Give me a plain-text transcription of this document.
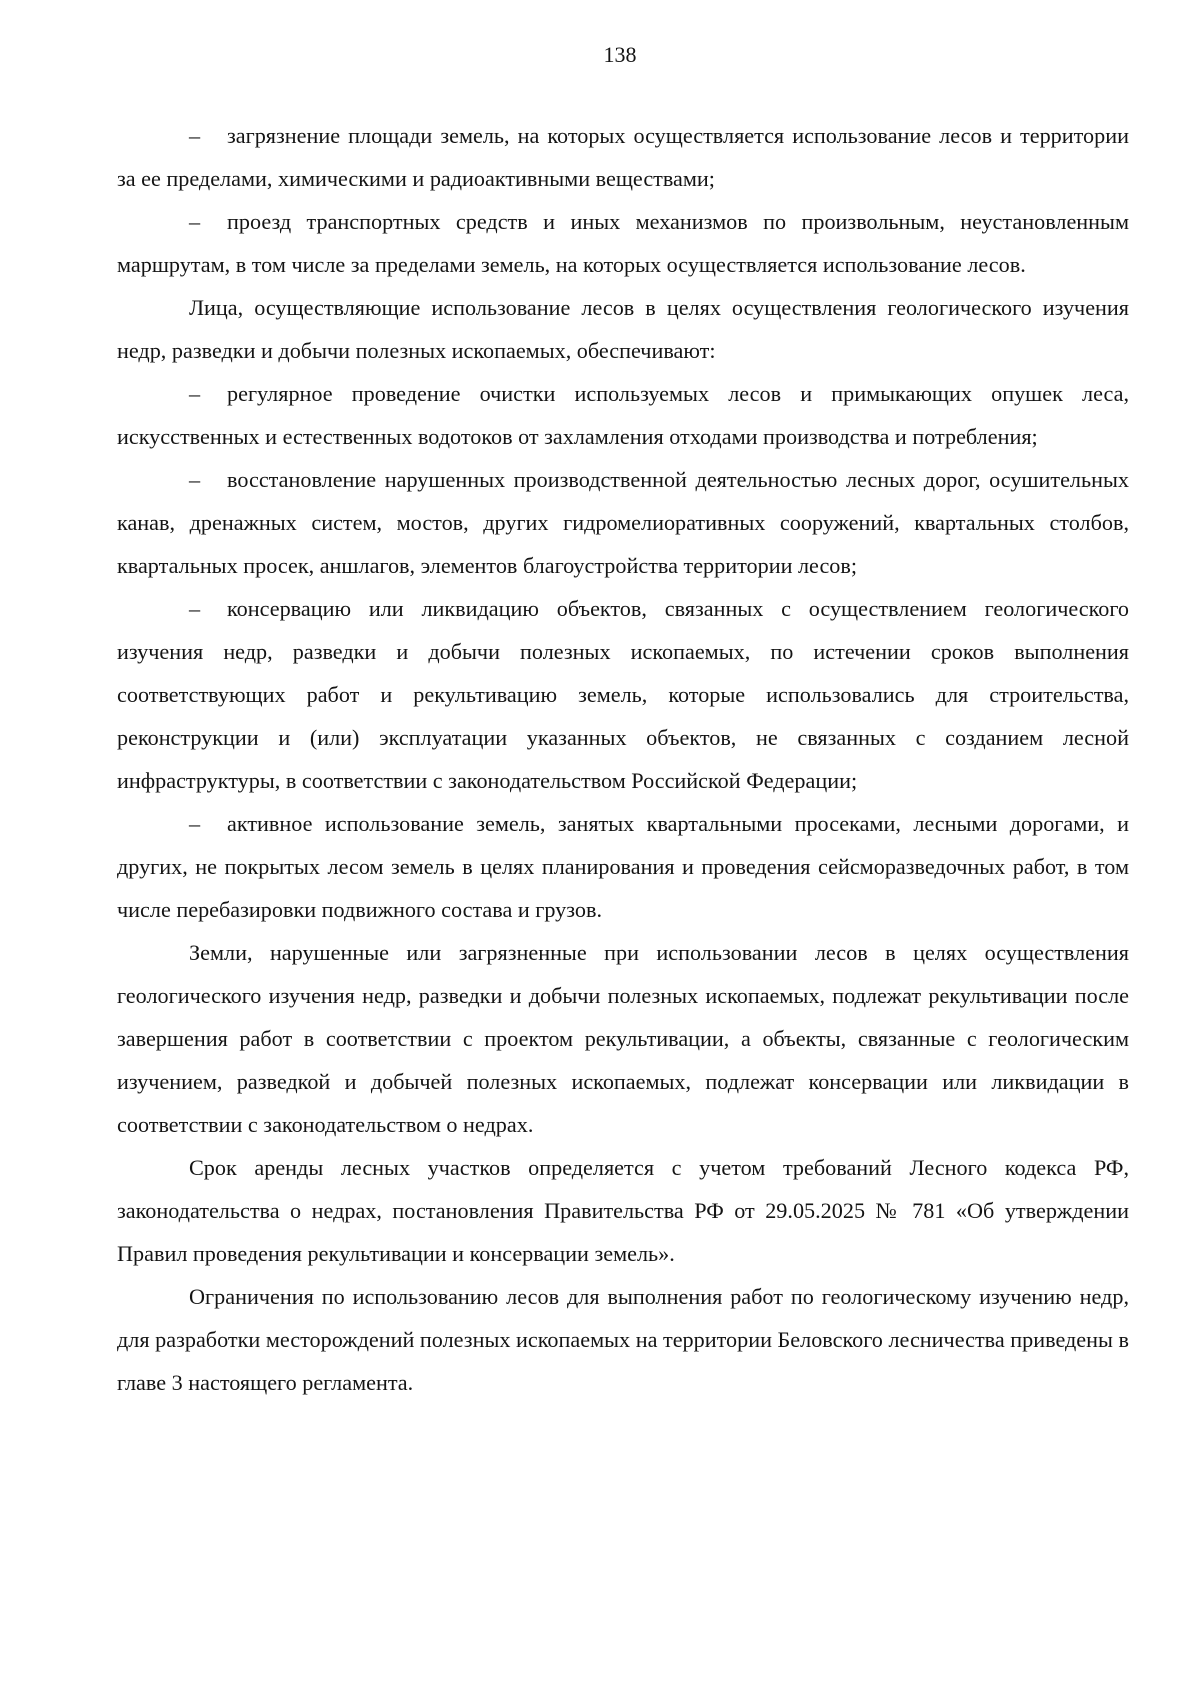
138

– загрязнение площади земель, на которых осуществляется использование лесов и территории за ее пределами, химическими и радиоактивными веществами;

– проезд транспортных средств и иных механизмов по произвольным, неустановленным маршрутам, в том числе за пределами земель, на которых осуществляется использование лесов.

Лица, осуществляющие использование лесов в целях осуществления геологического изучения недр, разведки и добычи полезных ископаемых, обеспечивают:

– регулярное проведение очистки используемых лесов и примыкающих опушек леса, искусственных и естественных водотоков от захламления отходами производства и потребления;

– восстановление нарушенных производственной деятельностью лесных дорог, осушительных канав, дренажных систем, мостов, других гидромелиоративных сооружений, квартальных столбов, квартальных просек, аншлагов, элементов благоустройства территории лесов;

– консервацию или ликвидацию объектов, связанных с осуществлением геологического изучения недр, разведки и добычи полезных ископаемых, по истечении сроков выполнения соответствующих работ и рекультивацию земель, которые использовались для строительства, реконструкции и (или) эксплуатации указанных объектов, не связанных с созданием лесной инфраструктуры, в соответствии с законодательством Российской Федерации;

– активное использование земель, занятых квартальными просеками, лесными дорогами, и других, не покрытых лесом земель в целях планирования и проведения сейсморазведочных работ, в том числе перебазировки подвижного состава и грузов.

Земли, нарушенные или загрязненные при использовании лесов в целях осуществления геологического изучения недр, разведки и добычи полезных ископаемых, подлежат рекультивации после завершения работ в соответствии с проектом рекультивации, а объекты, связанные с геологическим изучением, разведкой и добычей полезных ископаемых, подлежат консервации или ликвидации в соответствии с законодательством о недрах.

Срок аренды лесных участков определяется с учетом требований Лесного кодекса РФ, законодательства о недрах, постановления Правительства РФ от 29.05.2025 № 781 «Об утверждении Правил проведения рекультивации и консервации земель».

Ограничения по использованию лесов для выполнения работ по геологическому изучению недр, для разработки месторождений полезных ископаемых на территории Беловского лесничества приведены в главе 3 настоящего регламента.
